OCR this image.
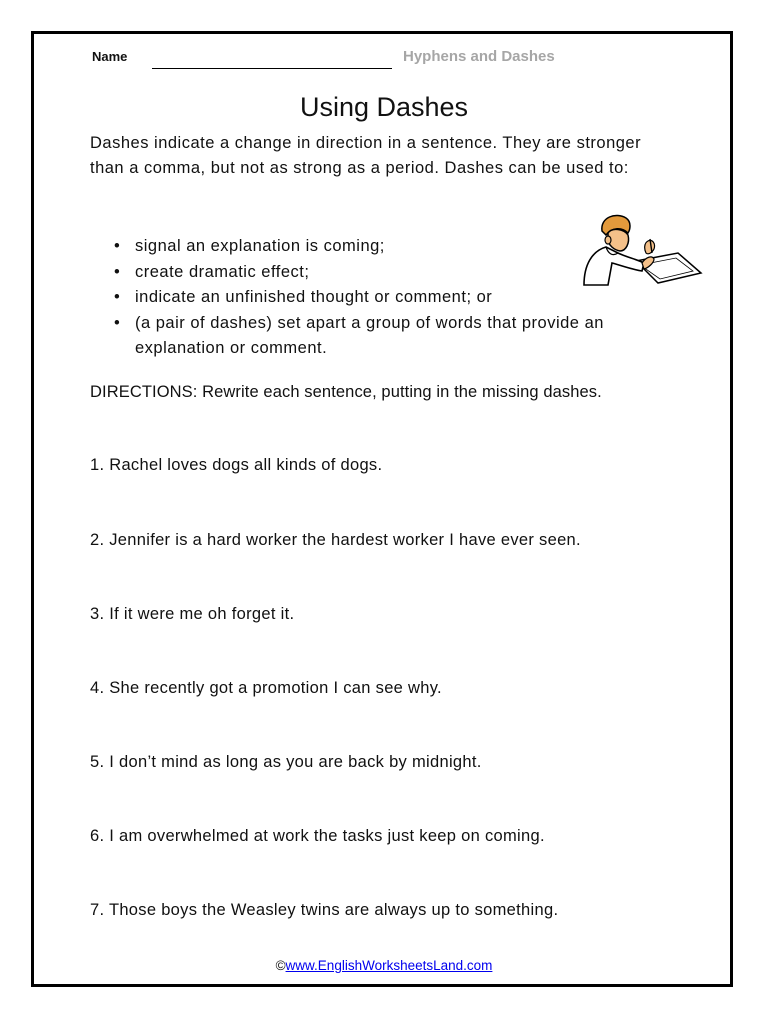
Name	Hyphens and Dashes
Using Dashes

Dashes indicate a change in direction in a sentence. They are stronger than a comma, but not as strong as a period. Dashes can be used to:

• signal an explanation is coming;
• create dramatic effect;
• indicate an unfinished thought or comment; or
• (a pair of dashes) set apart a group of words that provide an explanation or comment.
DIRECTIONS: Rewrite each sentence, putting in the missing dashes.
1. Rachel loves dogs all kinds of dogs.
2. Jennifer is a hard worker the hardest worker I have ever seen.
3. If it were me oh forget it.
4. She recently got a promotion I can see why.
5. I don’t mind as long as you are back by midnight.
6. I am overwhelmed at work the tasks just keep on coming.
7. Those boys the Weasley twins are always up to something.
©www.EnglishWorksheetsLand.com
